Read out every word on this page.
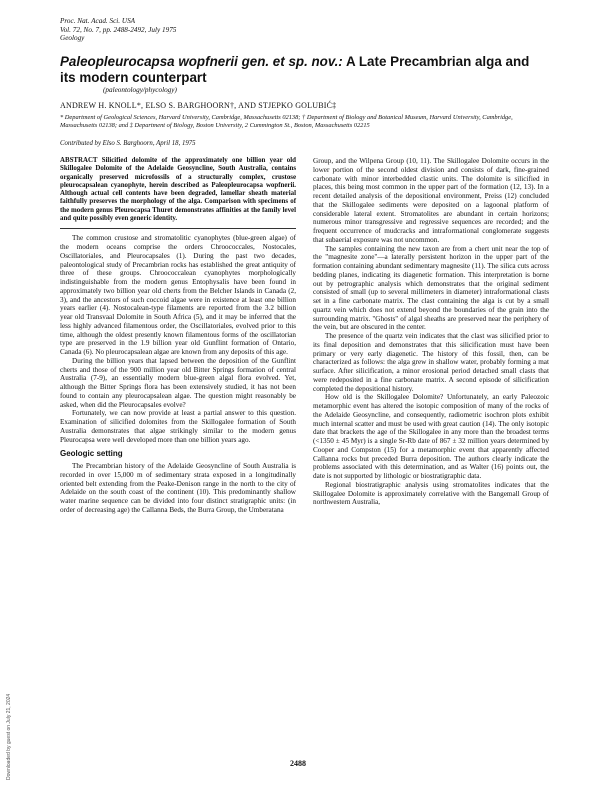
Proc. Nat. Acad. Sci. USA
Vol. 72, No. 7, pp. 2488-2492, July 1975
Geology
Paleopleurocapsa wopfnerii gen. et sp. nov.: A Late Precambrian alga and its modern counterpart
(paleontology/phycology)
ANDREW H. KNOLL*, ELSO S. BARGHOORN†, AND STJEPKO GOLUBIĆ‡
* Department of Geological Sciences, Harvard University, Cambridge, Massachusetts 02138; † Department of Biology and Botanical Museum, Harvard University, Cambridge, Massachusetts 02138; and ‡ Department of Biology, Boston University, 2 Cummington St., Boston, Massachusetts 02215
Contributed by Elso S. Barghoorn, April 18, 1975

ABSTRACT Silicified dolomite of the approximately one billion year old Skillogalee Dolomite of the Adelaide Geosyncline, South Australia, contains organically preserved microfossils of a structurally complex, crustose pleurocapsalean cyanophyte, herein described as Paleopleurocapsa wopfnerii. Although actual cell contents have been degraded, lamellar sheath material faithfully preserves the morphology of the alga. Comparison with specimens of the modern genus Pleurocapsa Thuret demonstrates affinities at the family level and quite possibly even generic identity.

The common crustose and stromatolitic cyanophytes (blue-green algae) of the modern oceans comprise the orders Chroococcales, Nostocales, Oscillatoriales, and Pleurocapsales (1). During the past two decades, paleontological study of Precambrian rocks has established the great antiquity of three of these groups. Chroococcalean cyanophytes morphologically indistinguishable from the modern genus Entophysalis have been found in approximately two billion year old cherts from the Belcher Islands in Canada (2, 3), and the ancestors of such coccoid algae were in existence at least one billion years earlier (4). Nostocalean-type filaments are reported from the 3.2 billion year old Transvaal Dolomite in South Africa (5), and it may be inferred that the less highly advanced filamentous order, the Oscillatoriales, evolved prior to this time, although the oldest presently known filamentous forms of the oscillatorian type are preserved in the 1.9 billion year old Gunflint formation of Ontario, Canada (6). No pleurocapsalean algae are known from any deposits of this age.

During the billion years that lapsed between the deposition of the Gunflint cherts and those of the 900 million year old Bitter Springs formation of central Australia (7-9), an essentially modern blue-green algal flora evolved. Yet, although the Bitter Springs flora has been extensively studied, it has not been found to contain any pleurocapsalean algae. The question might reasonably be asked, when did the Pleurocapsales evolve?

Fortunately, we can now provide at least a partial answer to this question. Examination of silicified dolomites from the Skillogalee formation of South Australia demonstrates that algae strikingly similar to the modern genus Pleurocapsa were well developed more than one billion years ago.

Geologic setting

The Precambrian history of the Adelaide Geosyncline of South Australia is recorded in over 15,000 m of sedimentary strata exposed in a longitudinally oriented belt extending from the Peake-Denison range in the north to the city of Adelaide on the south coast of the continent (10). This predominantly shallow water marine sequence can be divided into four distinct stratigraphic units: (in order of decreasing age) the Callanna Beds, the Burra Group, the Umberatana

Group, and the Wilpena Group (10, 11). The Skillogalee Dolomite occurs in the lower portion of the second oldest division and consists of dark, fine-grained carbonate with minor interbedded clastic units. The dolomite is silicified in places, this being most common in the upper part of the formation (12, 13). In a recent detailed analysis of the depositional environment, Preiss (12) concluded that the Skillogalee sediments were deposited on a lagoonal platform of considerable lateral extent. Stromatolites are abundant in certain horizons; numerous minor transgressive and regressive sequences are recorded; and the frequent occurrence of mudcracks and intraformational conglomerate suggests that subaerial exposure was not uncommon.

The samples containing the new taxon are from a chert unit near the top of the "magnesite zone"—a laterally persistent horizon in the upper part of the formation containing abundant sedimentary magnesite (11). The silica cuts across bedding planes, indicating its diagenetic formation. This interpretation is borne out by petrographic analysis which demonstrates that the original sediment consisted of small (up to several millimeters in diameter) intraformational clasts set in a fine carbonate matrix. The clast containing the alga is cut by a small quartz vein which does not extend beyond the boundaries of the grain into the surrounding matrix. "Ghosts" of algal sheaths are preserved near the periphery of the vein, but are obscured in the center.

The presence of the quartz vein indicates that the clast was silicified prior to its final deposition and demonstrates that this silicification must have been primary or very early diagenetic. The history of this fossil, then, can be characterized as follows: the alga grew in shallow water, probably forming a mat surface. After silicification, a minor erosional period detached small clasts that were redeposited in a fine carbonate matrix. A second episode of silicification completed the depositional history.

How old is the Skillogalee Dolomite? Unfortunately, an early Paleozoic metamorphic event has altered the isotopic composition of many of the rocks of the Adelaide Geosyncline, and consequently, radiometric isochron plots exhibit much internal scatter and must be used with great caution (14). The only isotopic date that brackets the age of the Skillogalee in any more than the broadest terms (<1350 ± 45 Myr) is a single Sr-Rb date of 867 ± 32 million years determined by Cooper and Compston (15) for a metamorphic event that apparently affected Callanna rocks but preceded Burra deposition. The authors clearly indicate the problems associated with this determination, and as Walter (16) points out, the date is not supported by lithologic or biostratigraphic data.

Regional biostratigraphic analysis using stromatolites indicates that the Skillogalee Dolomite is approximately correlative with the Bangemall Group of northwestern Australia,

2488
Downloaded by guest on July 21, 2024
